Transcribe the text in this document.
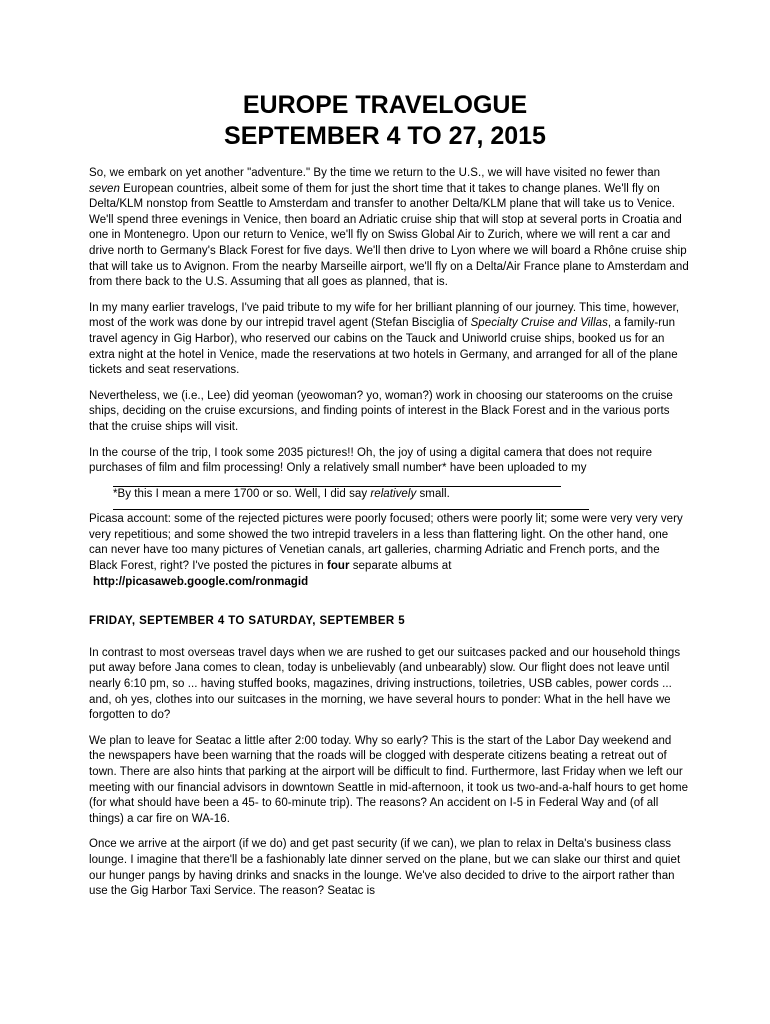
EUROPE TRAVELOGUE
SEPTEMBER 4 TO 27, 2015

So, we embark on yet another "adventure." By the time we return to the U.S., we will have visited no fewer than seven European countries, albeit some of them for just the short time that it takes to change planes. We'll fly on Delta/KLM nonstop from Seattle to Amsterdam and transfer to another Delta/KLM plane that will take us to Venice. We'll spend three evenings in Venice, then board an Adriatic cruise ship that will stop at several ports in Croatia and one in Montenegro. Upon our return to Venice, we'll fly on Swiss Global Air to Zurich, where we will rent a car and drive north to Germany's Black Forest for five days. We'll then drive to Lyon where we will board a Rhône cruise ship that will take us to Avignon. From the nearby Marseille airport, we'll fly on a Delta/Air France plane to Amsterdam and from there back to the U.S. Assuming that all goes as planned, that is.

In my many earlier travelogs, I've paid tribute to my wife for her brilliant planning of our journey. This time, however, most of the work was done by our intrepid travel agent (Stefan Bisciglia of Specialty Cruise and Villas, a family-run travel agency in Gig Harbor), who reserved our cabins on the Tauck and Uniworld cruise ships, booked us for an extra night at the hotel in Venice, made the reservations at two hotels in Germany, and arranged for all of the plane tickets and seat reservations.

Nevertheless, we (i.e., Lee) did yeoman (yeowoman? yo, woman?) work in choosing our staterooms on the cruise ships, deciding on the cruise excursions, and finding points of interest in the Black Forest and in the various ports that the cruise ships will visit.

In the course of the trip, I took some 2035 pictures!! Oh, the joy of using a digital camera that does not require purchases of film and film processing! Only a relatively small number* have been uploaded to my
*By this I mean a mere 1700 or so. Well, I did say relatively small.
Picasa account: some of the rejected pictures were poorly focused; others were poorly lit; some were very very very very repetitious; and some showed the two intrepid travelers in a less than flattering light. On the other hand, one can never have too many pictures of Venetian canals, art galleries, charming Adriatic and French ports, and the Black Forest, right? I've posted the pictures in four separate albums at
http://picasaweb.google.com/ronmagid

FRIDAY, SEPTEMBER 4 TO SATURDAY, SEPTEMBER 5

In contrast to most overseas travel days when we are rushed to get our suitcases packed and our household things put away before Jana comes to clean, today is unbelievably (and unbearably) slow. Our flight does not leave until nearly 6:10 pm, so ... having stuffed books, magazines, driving instructions, toiletries, USB cables, power cords ... and, oh yes, clothes into our suitcases in the morning, we have several hours to ponder: What in the hell have we forgotten to do?

We plan to leave for Seatac a little after 2:00 today. Why so early? This is the start of the Labor Day weekend and the newspapers have been warning that the roads will be clogged with desperate citizens beating a retreat out of town. There are also hints that parking at the airport will be difficult to find. Furthermore, last Friday when we left our meeting with our financial advisors in downtown Seattle in mid-afternoon, it took us two-and-a-half hours to get home (for what should have been a 45- to 60-minute trip). The reasons? An accident on I-5 in Federal Way and (of all things) a car fire on WA-16.

Once we arrive at the airport (if we do) and get past security (if we can), we plan to relax in Delta's business class lounge. I imagine that there'll be a fashionably late dinner served on the plane, but we can slake our thirst and quiet our hunger pangs by having drinks and snacks in the lounge. We've also decided to drive to the airport rather than use the Gig Harbor Taxi Service. The reason? Seatac is
